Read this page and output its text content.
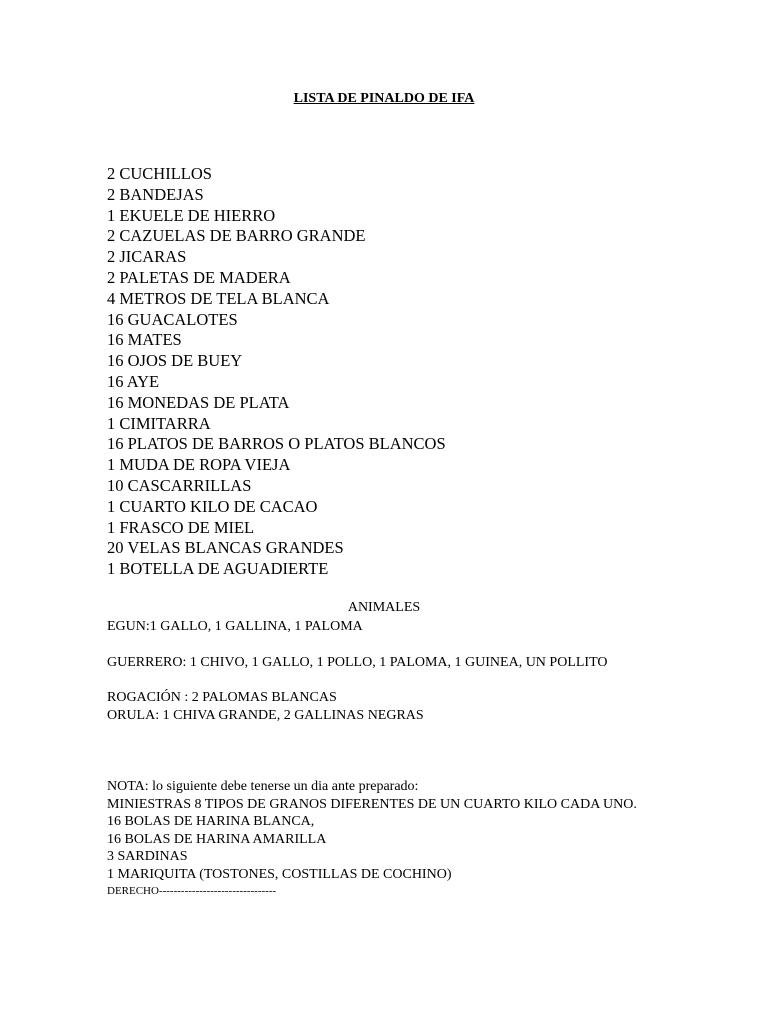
LISTA DE PINALDO DE IFA
2 CUCHILLOS
2 BANDEJAS
1 EKUELE DE HIERRO
2 CAZUELAS DE BARRO GRANDE
2 JICARAS
2 PALETAS DE MADERA
4 METROS DE TELA BLANCA
16 GUACALOTES
16 MATES
16 OJOS DE BUEY
16 AYE
16 MONEDAS DE PLATA
1 CIMITARRA
16 PLATOS DE BARROS O PLATOS BLANCOS
1 MUDA DE ROPA VIEJA
10 CASCARRILLAS
1 CUARTO KILO DE CACAO
1 FRASCO DE MIEL
20 VELAS BLANCAS GRANDES
1 BOTELLA DE AGUADIERTE
ANIMALES
EGUN:1 GALLO, 1 GALLINA, 1 PALOMA
GUERRERO: 1 CHIVO, 1 GALLO, 1 POLLO, 1 PALOMA, 1 GUINEA, UN POLLITO
ROGACIÓN : 2 PALOMAS BLANCAS
ORULA: 1 CHIVA GRANDE, 2 GALLINAS NEGRAS
NOTA: lo siguiente debe tenerse un dia ante preparado:
MINIESTRAS 8 TIPOS DE GRANOS DIFERENTES DE UN CUARTO KILO CADA UNO.
16 BOLAS DE HARINA BLANCA,
16 BOLAS DE HARINA AMARILLA
3 SARDINAS
1 MARIQUITA (TOSTONES, COSTILLAS DE COCHINO)
DERECHO--------------------------------
